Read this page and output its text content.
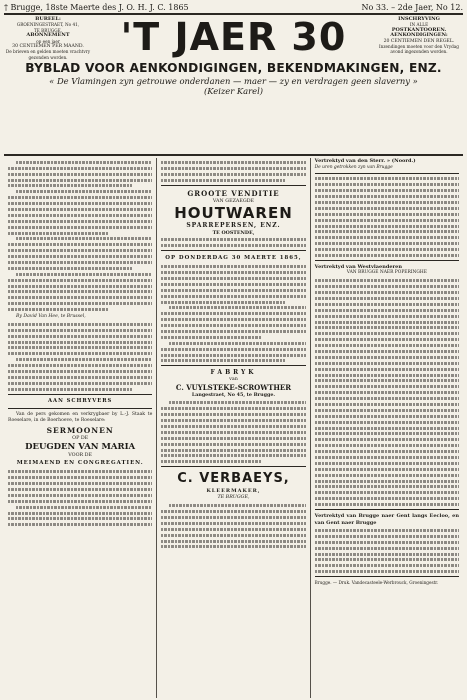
† Brugge, 18ste Maerte des J. O. H. J. C. 1865	No 33. – 2de Jaer, No 12.
BUREEL:
GROENINGESTRAET, No 41,
TE BRUGGE.
ABONNEMENT
op een jaer
30 CENTIEMEN PER MAAND.
De brieven en gelden moeten vrachtvry gezonden worden.	'T JAER 30	INSCHRYVING
IN ALLE
POSTKANTOOREN.
AENKONDIGINGEN:
20 CENTIEMEN DEN REGEL.
Inzendingen moeten voor den Vrydag avond ingezonden worden.
BYBLAD VOOR AENKONDIGINGEN, BEKENDMAKINGEN, ENZ.
« De Vlamingen zyn getrouwe onderdanen — maer — zy en verdragen geen slaverny » (Keizer Karel)

By David Van Hee, te Brussel,

AAN SCHRYVERS

Van de pers gekomen en verkrygbaer by L.-J. Staak te Roeselare, in de Boerhoeve, te Roeselare:

SERMOONEN
OP DE
DEUGDEN VAN MARIA
VOOR DE
MEIMAEND EN CONGREGATIEN.
GROOTE VENDITIE
VAN GEZAEGDE
HOUTWAREN
SPARREPERSEN, ENZ.
TE OOSTENDE,
OP DONDERDAG 30 MAERTE 1865,
FABRYK
van
C. VUYLSTEKE-SCROWTHER
Langestraet, No 45, te Brugge.
C. VERBAEYS,
KLEERMAKER,
TE BRUGGE,
Vertrektyd van den Sterr. » (Noord.)
De uren getrokken zyn van Brugge
Vertrektyd van Westvlaenderen
VAN BRUGGE NAER POPERINGHE
Vertrektyd van Brugge naer Gent langs Eecloo, en van Gent naer Brugge
Brugge. — Druk. Vandecasteele-Werbrouck, Groeningestr.
